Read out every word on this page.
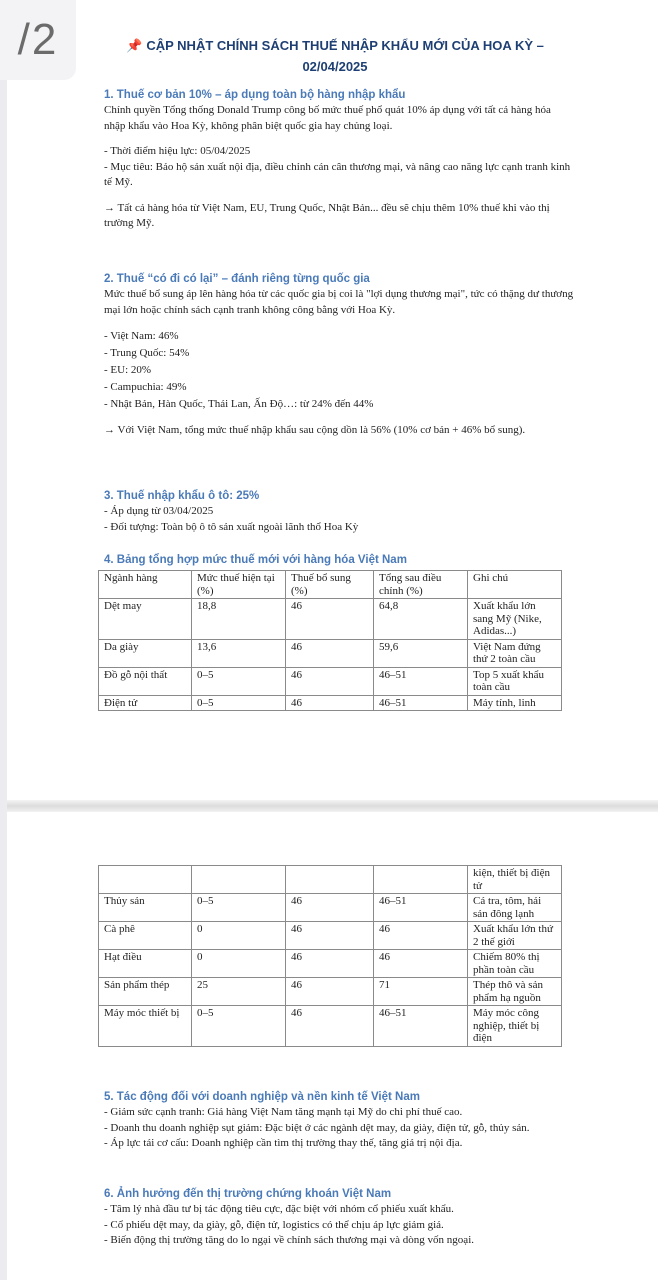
/2	📌 CẬP NHẬT CHÍNH SÁCH THUẾ NHẬP KHẨU MỚI CỦA HOA KỲ –
02/04/2025

1. Thuế cơ bản 10% – áp dụng toàn bộ hàng nhập khẩu

Chính quyền Tổng thống Donald Trump công bố mức thuế phổ quát 10% áp dụng với tất cả hàng hóa nhập khẩu vào Hoa Kỳ, không phân biệt quốc gia hay chủng loại.

- Thời điểm hiệu lực: 05/04/2025

- Mục tiêu: Bảo hộ sản xuất nội địa, điều chỉnh cán cân thương mại, và nâng cao năng lực cạnh tranh kinh tế Mỹ.

→ Tất cả hàng hóa từ Việt Nam, EU, Trung Quốc, Nhật Bản... đều sẽ chịu thêm 10% thuế khi vào thị trường Mỹ.

2. Thuế “có đi có lại” – đánh riêng từng quốc gia

Mức thuế bổ sung áp lên hàng hóa từ các quốc gia bị coi là "lợi dụng thương mại", tức có thặng dư thương mại lớn hoặc chính sách cạnh tranh không công bằng với Hoa Kỳ.

- Việt Nam: 46%

- Trung Quốc: 54%

- EU: 20%

- Campuchia: 49%

- Nhật Bản, Hàn Quốc, Thái Lan, Ấn Độ…: từ 24% đến 44%

→ Với Việt Nam, tổng mức thuế nhập khẩu sau cộng dồn là 56% (10% cơ bản + 46% bổ sung).

3. Thuế nhập khẩu ô tô: 25%

- Áp dụng từ 03/04/2025

- Đối tượng: Toàn bộ ô tô sản xuất ngoài lãnh thổ Hoa Kỳ

4. Bảng tổng hợp mức thuế mới với hàng hóa Việt Nam

Ngành hàng	Mức thuế hiện tại (%)	Thuế bổ sung (%)	Tổng sau điều chỉnh (%)	Ghi chú
Dệt may	18,8	46	64,8	Xuất khẩu lớn sang Mỹ (Nike, Adidas...)
Da giày	13,6	46	59,6	Việt Nam đứng thứ 2 toàn cầu
Đồ gỗ nội thất	0–5	46	46–51	Top 5 xuất khẩu toàn cầu
Điện tử	0–5	46	46–51	Máy tính, linh
				kiện, thiết bị điện tử
Thủy sản	0–5	46	46–51	Cá tra, tôm, hải sản đông lạnh
Cà phê	0	46	46	Xuất khẩu lớn thứ 2 thế giới
Hạt điều	0	46	46	Chiếm 80% thị phần toàn cầu
Sản phẩm thép	25	46	71	Thép thô và sản phẩm hạ nguồn
Máy móc thiết bị	0–5	46	46–51	Máy móc công nghiệp, thiết bị điện

5. Tác động đối với doanh nghiệp và nền kinh tế Việt Nam

- Giảm sức cạnh tranh: Giá hàng Việt Nam tăng mạnh tại Mỹ do chi phí thuế cao.

- Doanh thu doanh nghiệp sụt giảm: Đặc biệt ở các ngành dệt may, da giày, điện tử, gỗ, thủy sản.

- Áp lực tái cơ cấu: Doanh nghiệp cần tìm thị trường thay thế, tăng giá trị nội địa.

6. Ảnh hưởng đến thị trường chứng khoán Việt Nam

- Tâm lý nhà đầu tư bị tác động tiêu cực, đặc biệt với nhóm cổ phiếu xuất khẩu.

- Cổ phiếu dệt may, da giày, gỗ, điện tử, logistics có thể chịu áp lực giảm giá.

- Biến động thị trường tăng do lo ngại về chính sách thương mại và dòng vốn ngoại.
